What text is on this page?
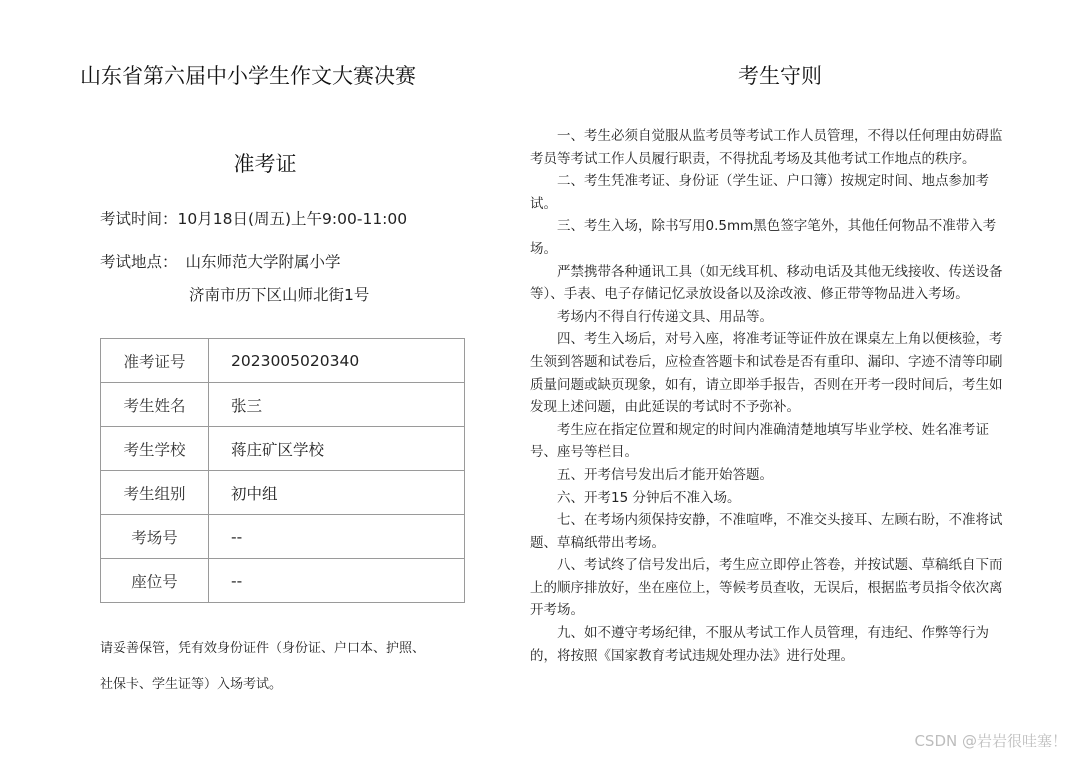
山东省第六届中小学生作文大赛决赛
准考证
考试时间：10月18日(周五)上午9:00-11:00
考试地点： 山东师范大学附属小学
济南市历下区山师北街1号
准考证号	2023005020340
考生姓名	张三
考生学校	蒋庄矿区学校
考生组别	初中组
考场号	--
座位号	--
请妥善保管，凭有效身份证件（身份证、户口本、护照、
社保卡、学生证等）入场考试。
考生守则

　　一、考生必须自觉服从监考员等考试工作人员管理，不得以任何理由妨碍监考员等考试工作人员履行职责，不得扰乱考场及其他考试工作地点的秩序。

　　二、考生凭准考证、身份证（学生证、户口簿）按规定时间、地点参加考试。

　　三、考生入场，除书写用0.5mm黑色签字笔外，其他任何物品不准带入考场。

　　严禁携带各种通讯工具（如无线耳机、移动电话及其他无线接收、传送设备等）、手表、电子存储记忆录放设备以及涂改液、修正带等物品进入考场。

　　考场内不得自行传递文具、用品等。

　　四、考生入场后，对号入座，将准考证等证件放在课桌左上角以便核验，考生领到答题和试卷后，应检查答题卡和试卷是否有重印、漏印、字迹不清等印刷质量问题或缺页现象，如有，请立即举手报告，否则在开考一段时间后，考生如发现上述问题，由此延误的考试时不予弥补。

　　考生应在指定位置和规定的时间内准确清楚地填写毕业学校、姓名准考证号、座号等栏目。

　　五、开考信号发出后才能开始答题。

　　六、开考15 分钟后不准入场。

　　七、在考场内须保持安静，不准喧哗，不准交头接耳、左顾右盼，不准将试题、草稿纸带出考场。

　　八、考试终了信号发出后，考生应立即停止答卷，并按试题、草稿纸自下而上的顺序排放好，坐在座位上，等候考员查收，无误后，根据监考员指令依次离开考场。

　　九、如不遵守考场纪律，不服从考试工作人员管理，有违纪、作弊等行为的，将按照《国家教育考试违规处理办法》进行处理。

CSDN @岩岩很哇塞！
